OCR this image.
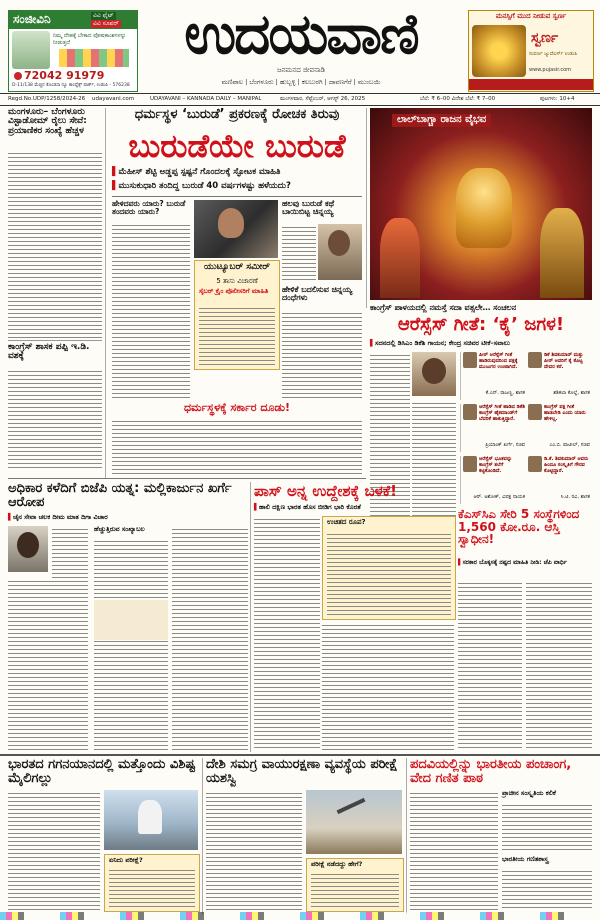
ಸಂಜೀವಿನಿ	ವಿವಿ ಫೈಟ್
ವಿವಿ ಸೂಪರ್
ನಿಮ್ಮ ದೇಹಕ್ಕೆ ಬೇಕಾದ ಪೋಷಕಾಂಶಗಳನ್ನು ನೀಡುತ್ತದೆ
72042 91979
D-11/138 ಮೆಚ್ಚಿನ ಕೊಂಡಸಾ ನ್ಯೂ ಕಾಂಪ್ಲೆಕ್ಸ್ ಪಾರ್ಕ್, ಉಡುಪಿ - 576238
ಉದಯವಾಣಿ
ಜನಮನದ ಜೀವನಾಡಿ
ಮಣಿಪಾಲ | ಬೆಂಗಳೂರು | ಹುಬ್ಬಳ್ಳಿ | ಕಲಬುರಗಿ | ದಾವಣಗೆರೆ | ಮುಂಬಯಿ
ಮನಸ್ಸಿಗೆ ಮುದ ನೀಡುವ ಸ್ವರ್ಣ
ಸ್ವರ್ಣ
ಸುವರ್ಣ ಜ್ಯುವೆಲರ್ಸ್ ಉಡುಪಿ
www.pujasir.com
Regd.No.UDP/1258/2024-26 udayavani.com	UDAYAVANI – KANNADA DAILY – MANIPAL	ಮಂಗಳವಾರ, ಸೆಪ್ಟೆಂಬರ್, ಆಗಸ್ಟ್ 26, 2025	ಬೆಲೆ: ₹ 6–00 ವಿದೇಶ ಬೆಲೆ: ₹ 7–00	ಪುಟಗಳು: 10+4
ಮಂಗಳೂರು– ಬೆಂಗಳೂರು ವಿಸ್ಟಾಡೋಮ್ ರೈಲು ಸೇವೆ: ಪ್ರಯಾಣಿಕರ ಸಂಖ್ಯೆ ಹೆಚ್ಚಳ
ಕಾಂಗ್ರೆಸ್ ಶಾಸಕ ಪಪ್ಪಿ ಇ.ಡಿ. ವಶಕ್ಕೆ
ಧರ್ಮಸ್ಥಳ ‘ಬುರುಡೆ’ ಪ್ರಕರಣಕ್ಕೆ ರೋಚಕ ತಿರುವು
ಬುರುಡೆಯೇ ಬುರುಡೆ
▌ಮೆಹೀಸ್ ಶೆಟ್ಟಿ ಅಡ್ಡಪ್ಪ ಸ್ಪಷ್ಟನೆ ಗೊಂದಲಕ್ಕೆ ಸ್ಫೋಟಕ ಮಾಹಿತಿ
▌ಮುಸುಕುಧಾರಿ ತಂದಿದ್ದ ಬುರುಡೆ 40 ವರ್ಷಗಳಷ್ಟು ಹಳೆಯದು?
ಹೇಳಿದವರು ಯಾರು? ಬುರುಡೆ ತಂದವರು ಯಾರು?
ಯುಟ್ಯೂಬರ್ ಸಮೀರ್
5 ತಾಸು ವಿಚಾರಣೆ
ಸೈಬರ್ ಕ್ರೈಂ ಪೊಲೀಸರಿಗೆ ಮಾಹಿತಿ
ಹಲವು ಬುರುಡೆ ಕಥೆ ಬಾಯಿಬಿಟ್ಟ ಚಿನ್ನಯ್ಯ
ಹೇಳಿಕೆ ಬದಲಿಸುವ ಚಿನ್ನಯ್ಯ ದಂಧೆಗಳು
ಧರ್ಮಸ್ಥಳಕ್ಕೆ ಸರ್ಕಾರ ದೂಡು!
ಲಾಲ್‌ಬಾಗ್ಚಾ ರಾಜನ ವೈಭವ
ಕಾಂಗ್ರೆಸ್ ಪಾಳಯದಲ್ಲಿ ನಮಸ್ತೆ ಸದಾ ವತ್ಸಲೇ… ಸಂಚಲನ
ಆರೆಸ್ಸೆಸ್ ಗೀತೆ: ‘ಕೈ’ ಜಗಳ!
▌ಸದನದಲ್ಲಿ ಡಿಸಿಎಂ ಡಿಕೆಶಿ ಗಾಯನ; ಕೇಂದ್ರ ಸಚಿವರ ಟೀಕೆ–ಸವಾಲು
ಪೀರ್ ಆರೆಸ್ಸೆಸ್ ಗೀತೆ ಹಾಡಿರುವುದರಿಂದ ಪಕ್ಷಕ್ಕೆ ಮುಜುಗರ ಉಂಟಾಗಿದೆ.
ಕೆ.ಎನ್. ರಾಜಣ್ಣ, ಶಾಸಕ
ಡಿಕೆ ಶಿವಕುಮಾರ್ ಮತ್ತು ಪೀರ್ ಅವರಿಗೆ ಕೈ ಕೊಟ್ಟ ದೇವರ ಕರೆ.
ಶಶಿಕಲಾ ಕೊಲ್ಲೆ, ಶಾಸಕ
ಆರೆಸ್ಸೆಸ್ ಗೀತೆ ಹಾಡಿದ ಡಿಕೆಶಿ ಕಾಂಗ್ರೆಸ್ ಹೈಕಮಾಂಡ್‌ಗೆ ಬೆದರಿಕೆ ಹಾಕುತ್ತಿದ್ದಾರೆ.
ಪ್ರಿಯಾಂಕ್ ಖರ್ಗೆ, ಸಚಿವ
ಕಾಂಗ್ರೆಸ್ ಪಕ್ಷ ಗೀತೆ ಹಾಡಬೇಡಿ ಎಂದು ಯಾರು ಹೇಳಿಲ್ಲ.
ಎಂ.ಬಿ. ಪಾಟೀಲ್, ಸಚಿವ
ಆರೆಸ್ಸೆಸ್ ಭೂತವನ್ನು ಕಾಂಗ್ರೆಸ್ ತಲೆಗೆ ಕಟ್ಟಿಕೊಂಡಿದೆ.
ಆರ್. ಅಶೋಕ್, ವಿಪಕ್ಷ ನಾಯಕ
ಡಿ.ಕೆ. ಶಿವಕುಮಾರ್ ಅವರು ಹಿಂದೂ ಸಂಸ್ಕೃತಿಗೆ ಗೌರವ ಕೊಟ್ಟಿದ್ದಾರೆ.
ಸಿ.ಟಿ. ರವಿ, ಶಾಸಕ
ಅಧಿಕಾರ ಕಳೆದಿಗೆ ಬಿಜೆಪಿ ಯತ್ನ: ಮಲ್ಲಿಕಾರ್ಜುನ ಖರ್ಗೆ ಆರೋಪ
▌ಚೈನ ಸೇವಾ ಚಲಕ ದೀಮ ಮಾತ ದಿಗಾ ವಿಚಾರ
ಹೆಚ್ಚುತ್ತಿರುವ ಸಂಖ್ಯಾಬಲ
ಪಾಸ್ ಅನ್ನ ಉದ್ದೇಶಕ್ಕೆ ಬಳಕೆ!
▌ಹಾಲಿ ದಕ್ಷಿಣ ಭಾರತ ಹೊಸ ಬೀಡಿಗ ಭಾರಿ ಕೊರತೆ
ಉಚಿತದ ರೂಪ?
ಕೆಎಸ್‌ಸಿಎ ಸೇರಿ 5 ಸಂಸ್ಥೆಗಳಿಂದ 1,560 ಕೋ.ರೂ. ಆಸ್ತಿ ಸ್ವಾಧೀನ!
▌ಸರಕಾರ ಬೊಕ್ಕಸಕ್ಕೆ ನಷ್ಟದ ಮಾಹಿತಿ ನೀಡಿ: ಜೆಪಿ ವಾರ್ಧಿ
ಭಾರತದ ಗಗನಯಾನದಲ್ಲಿ ಮತ್ತೊಂದು ವಿಶಿಷ್ಟ ಮೈಲಿಗಲ್ಲು
ಏನಿದು ಪರೀಕ್ಷೆ?
ದೇಶಿ ಸಮಗ್ರ ವಾಯುರಕ್ಷಣಾ ವ್ಯವಸ್ಥೆಯ ಪರೀಕ್ಷೆ ಯಶಸ್ವಿ
ಪರೀಕ್ಷೆ ನಡೆದದ್ದು ಹೇಗೆ?
ಪದವಿಯಲ್ಲಿನ್ನು ಭಾರತೀಯ ಪಂಚಾಂಗ, ವೇದ ಗಣಿತ ಪಾಠ
ಪ್ರಾಚೀನ ಸಂಸ್ಕೃತಿಯ ಕಲಿಕೆ
ಭಾರತೀಯ ಗಣಿತಶಾಸ್ತ್ರ
